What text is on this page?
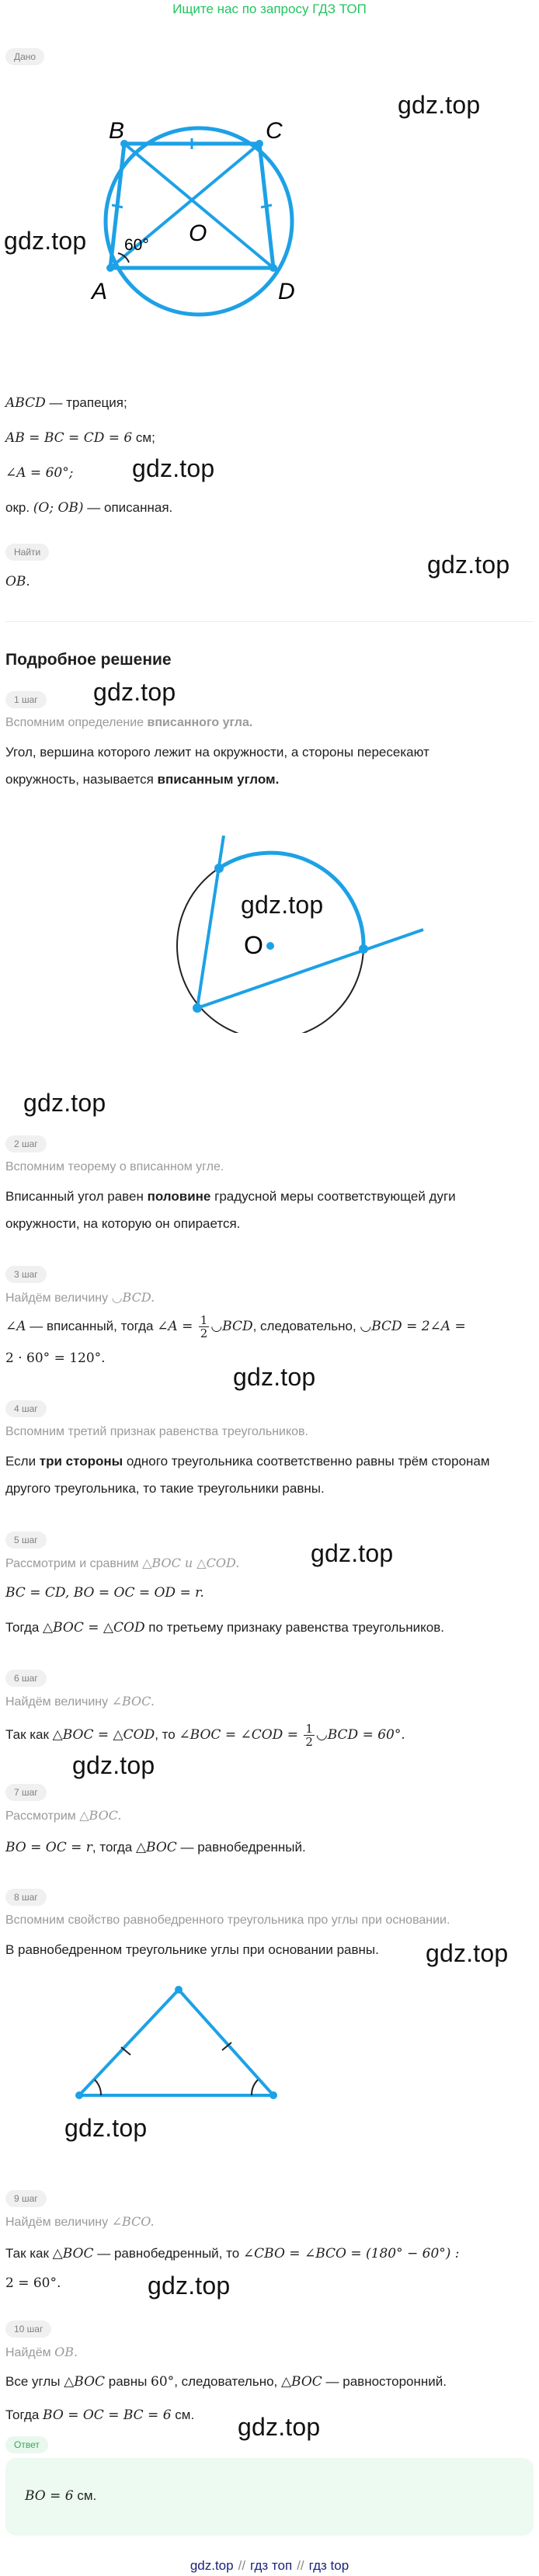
Ищите нас по запросу ГДЗ ТОП
Дано
B	C
O
A	D
60°
gdz.top
gdz.top
ABCD — трапеция;
AB = BC = CD = 6 см;
gdz.top
∠A = 60°;
окр. (O; OB) — описанная.
Найти	gdz.top
OB.
Подробное решение
gdz.top
1 шаг
Вспомним определение вписанного угла.
Угол, вершина которого лежит на окружности, а стороны пересекают
окружность, называется вписанным углом.
O
gdz.top
gdz.top
2 шаг
Вспомним теорему о вписанном угле.
Вписанный угол равен половине градусной меры соответствующей дуги
окружности, на которую он опирается.
3 шаг
Найдём величину ◡BCD.
∠A — вписанный, тогда ∠A = $\frac{1}{2}$ ◡BCD, следовательно, ◡BCD = 2∠A =
2 · 60° = 120°.
gdz.top
4 шаг
Вспомним третий признак равенства треугольников.
Если три стороны одного треугольника соответственно равны трём сторонам
другого треугольника, то такие треугольники равны.
5 шаг	gdz.top
Рассмотрим и сравним △BOC и △COD.
BC = CD, BO = OC = OD = r.
Тогда △BOC = △COD по третьему признаку равенства треугольников.
6 шаг
Найдём величину ∠BOC.
Так как △BOC = △COD, то ∠BOC = ∠COD = $\frac{1}{2}$ ◡BCD = 60°.
gdz.top
7 шаг
Рассмотрим △BOC.
BO = OC = r, тогда △BOC — равнобедренный.
8 шаг
Вспомним свойство равнобедренного треугольника про углы при основании.
В равнобедренном треугольнике углы при основании равны.	gdz.top
gdz.top
9 шаг
Найдём величину ∠BCO.
Так как △BOC — равнобедренный, то ∠CBO = ∠BCO = (180° − 60°) :
2 = 60°.	gdz.top
10 шаг
Найдём OB.
Все углы △BOC равны 60°, следовательно, △BOC — равносторонний.
Тогда BO = OC = BC = 6 см.	gdz.top
Ответ
BO = 6 см.
gdz.top // гдз топ // гдз top
